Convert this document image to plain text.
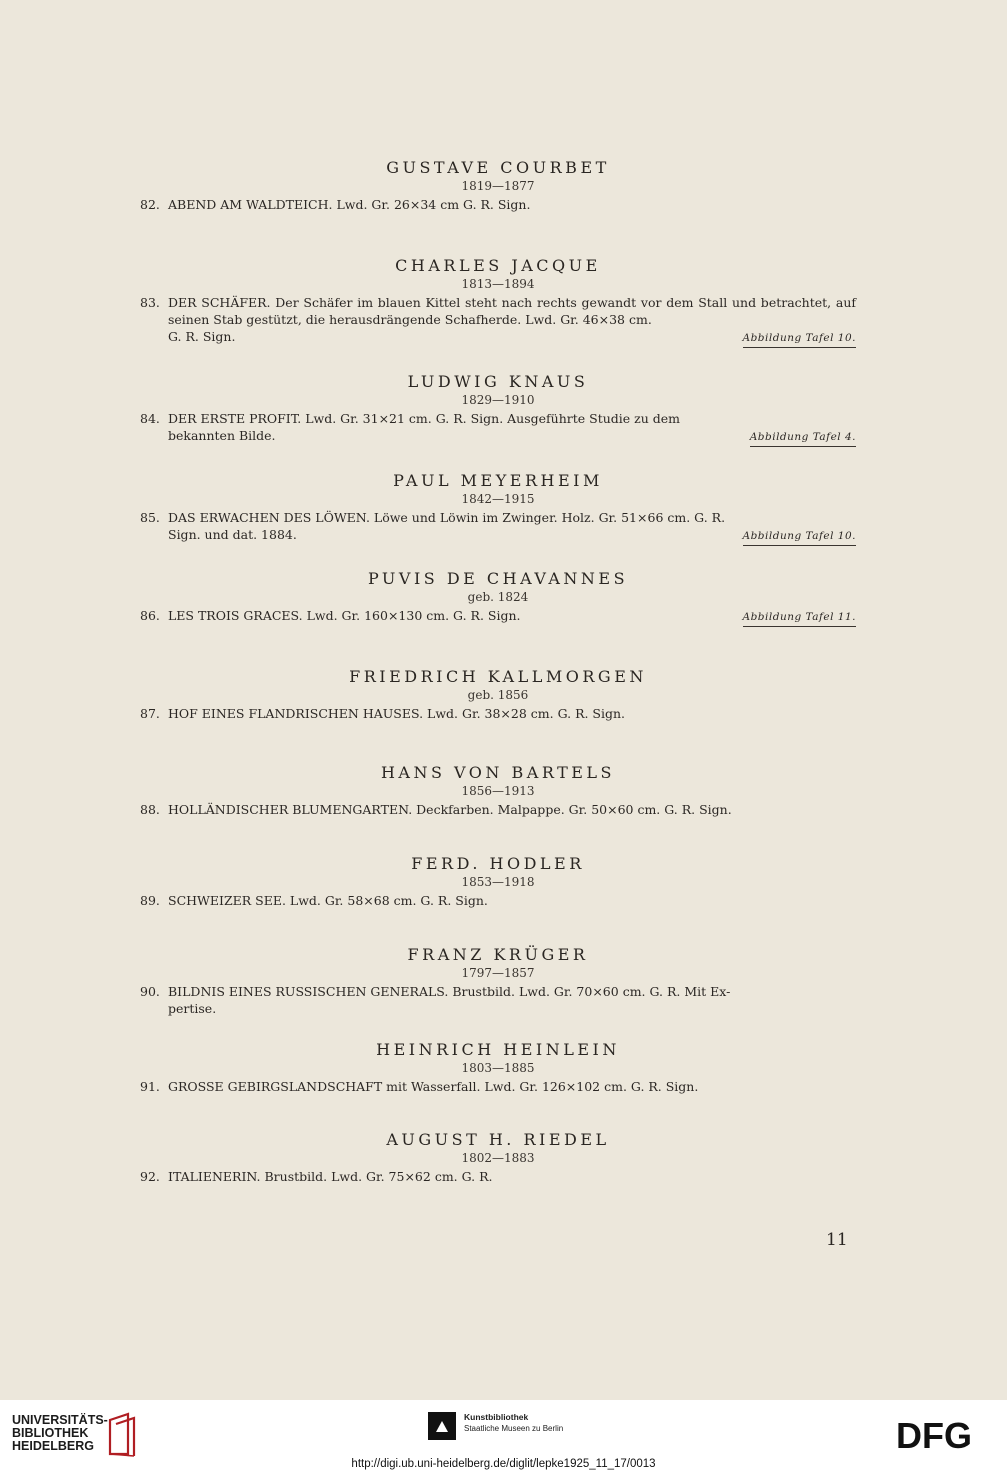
GUSTAVE COURBET

1819—1877

82. ABEND AM WALDTEICH. Lwd. Gr. 26×34 cm G. R. Sign.

CHARLES JACQUE

1813—1894

83. DER SCHÄFER. Der Schäfer im blauen Kittel steht nach rechts gewandt vor dem Stall und betrachtet, auf seinen Stab gestützt, die herausdrängende Schafherde. Lwd. Gr. 46×38 cm.
G. R. Sign.	Abbildung Tafel 10.

LUDWIG KNAUS

1829—1910

84. DER ERSTE PROFIT. Lwd. Gr. 31×21 cm. G. R. Sign. Ausgeführte Studie zu dem
bekannten Bilde.	Abbildung Tafel 4.

PAUL MEYERHEIM

1842—1915

85. DAS ERWACHEN DES LÖWEN. Löwe und Löwin im Zwinger. Holz. Gr. 51×66 cm. G. R.
Sign. und dat. 1884.	Abbildung Tafel 10.

PUVIS DE CHAVANNES

geb. 1824

86. LES TROIS GRACES. Lwd. Gr. 160×130 cm. G. R. Sign.	Abbildung Tafel 11.

FRIEDRICH KALLMORGEN

geb. 1856

87. HOF EINES FLANDRISCHEN HAUSES. Lwd. Gr. 38×28 cm. G. R. Sign.

HANS VON BARTELS

1856—1913

88. HOLLÄNDISCHER BLUMENGARTEN. Deckfarben. Malpappe. Gr. 50×60 cm. G. R. Sign.

FERD. HODLER

1853—1918

89. SCHWEIZER SEE. Lwd. Gr. 58×68 cm. G. R. Sign.

FRANZ KRÜGER

1797—1857

90. BILDNIS EINES RUSSISCHEN GENERALS. Brustbild. Lwd. Gr. 70×60 cm. G. R. Mit Ex-
pertise.

HEINRICH HEINLEIN

1803—1885

91. GROSSE GEBIRGSLANDSCHAFT mit Wasserfall. Lwd. Gr. 126×102 cm. G. R. Sign.

AUGUST H. RIEDEL

1802—1883

92. ITALIENERIN. Brustbild. Lwd. Gr. 75×62 cm. G. R.
11
UNIVERSITÄTS-
BIBLIOTHEK
HEIDELBERG
Kunstbibliothek
Staatliche Museen zu Berlin	DFG
http://digi.ub.uni-heidelberg.de/diglit/lepke1925_11_17/0013
